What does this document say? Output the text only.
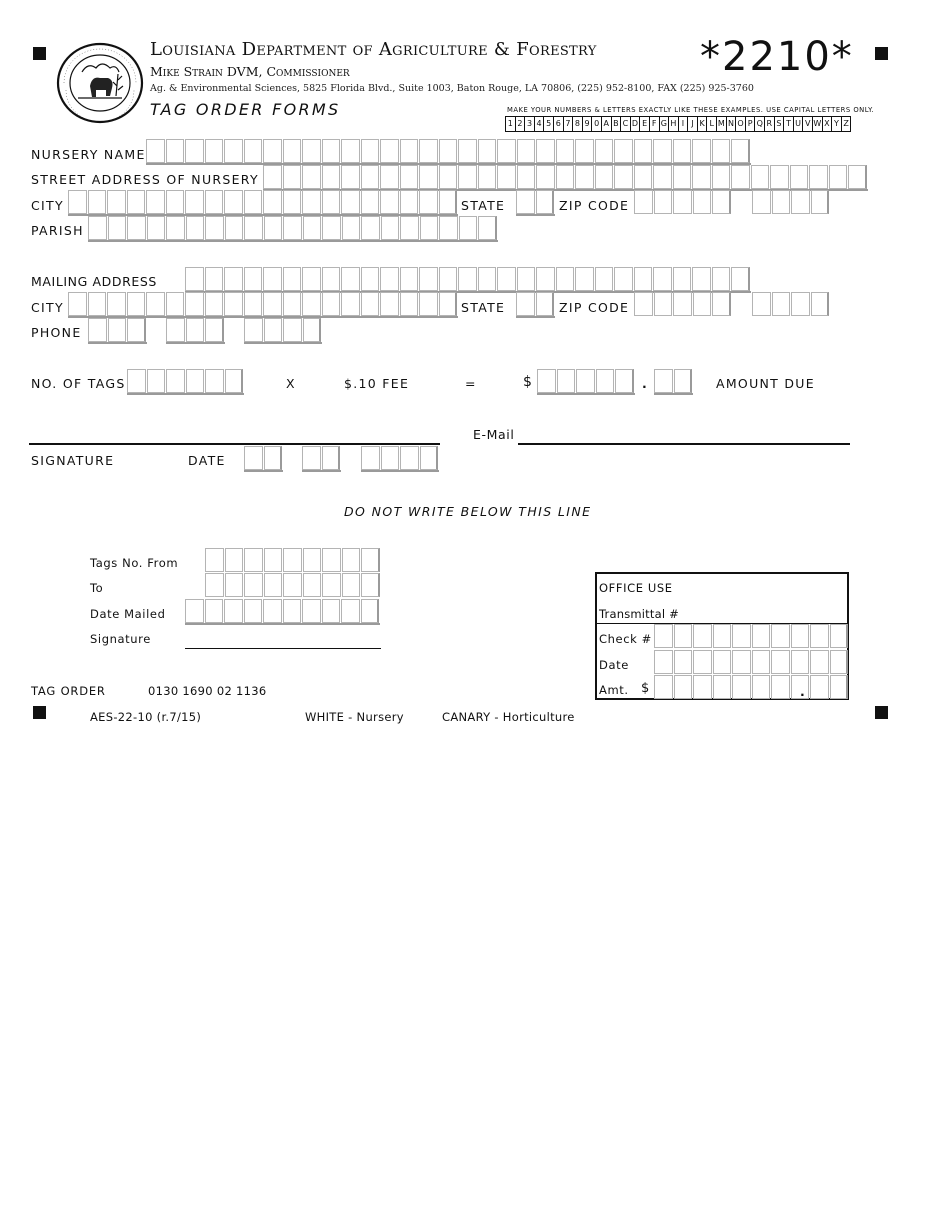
Louisiana Department of Agriculture & Forestry
Mike Strain DVM, Commissioner
Ag. & Environmental Sciences, 5825 Florida Blvd., Suite 1003, Baton Rouge, LA 70806, (225) 952-8100, FAX (225) 925-3760
TAG ORDER FORMS
*2210*
MAKE YOUR NUMBERS & LETTERS EXACTLY LIKE THESE EXAMPLES. USE CAPITAL LETTERS ONLY.
1 2 3 4 5 6 7 8 9 0 A B C D E F G H I J K L M N O P Q R S T U V W X Y Z
NURSERY NAME
STREET ADDRESS OF NURSERY
CITY	STATE	ZIP CODE
PARISH
MAILING ADDRESS
CITY	STATE	ZIP CODE
PHONE
NO. OF TAGS	X	$.10 FEE	=	$	.	AMOUNT DUE
E-Mail
SIGNATURE	DATE
DO NOT WRITE BELOW THIS LINE
Tags No. From
To
Date Mailed
Signature
OFFICE USE
Transmittal #
Check #
Date
Amt. $	.
TAG ORDER	0130 1690 02 1136
AES-22-10 (r.7/15)	WHITE - Nursery	CANARY - Horticulture
